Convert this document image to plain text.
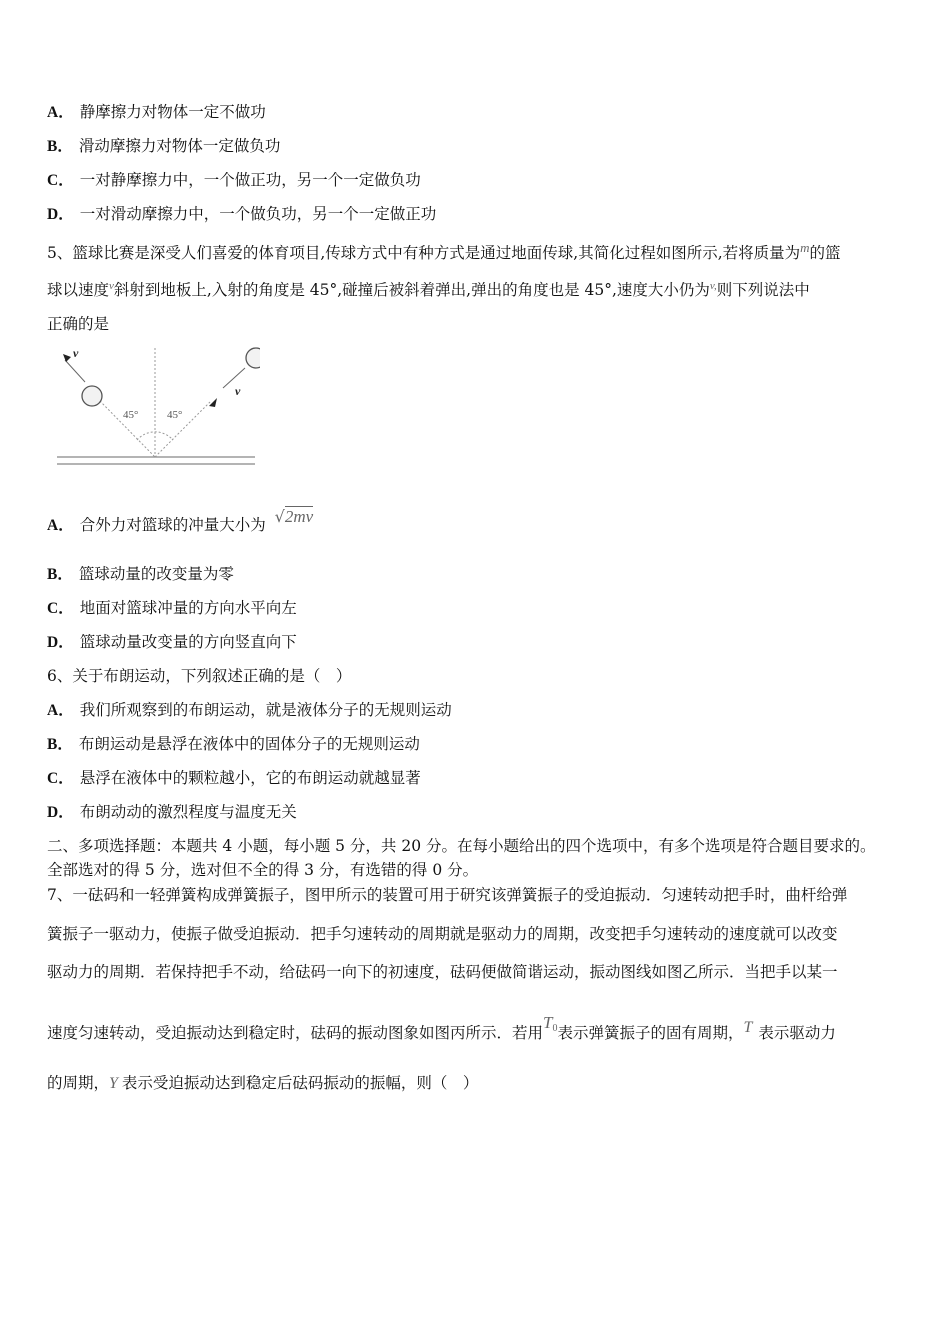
A． 静摩擦力对物体一定不做功
B． 滑动摩擦力对物体一定做负功
C． 一对静摩擦力中，一个做正功，另一个一定做负功
D． 一对滑动摩擦力中，一个做负功，另一个一定做正功
5、篮球比赛是深受人们喜爱的体育项目,传球方式中有种方式是通过地面传球,其简化过程如图所示,若将质量为$^m$的篮
球以速度$^v$斜射到地板上,入射的角度是 45°,碰撞后被斜着弹出,弹出的角度也是 45°,速度大小仍为$^{v,}$则下列说法中
正确的是
v
v
45°	45°
A． 合外力对篮球的冲量大小为 √2mv
B． 篮球动量的改变量为零
C． 地面对篮球冲量的方向水平向左
D． 篮球动量改变量的方向竖直向下
6、关于布朗运动，下列叙述正确的是（　）
A． 我们所观察到的布朗运动，就是液体分子的无规则运动
B． 布朗运动是悬浮在液体中的固体分子的无规则运动
C． 悬浮在液体中的颗粒越小，它的布朗运动就越显著
D． 布朗动动的激烈程度与温度无关
二、多项选择题：本题共 4 小题，每小题 5 分，共 20 分。在每小题给出的四个选项中，有多个选项是符合题目要求的。
全部选对的得 5 分，选对但不全的得 3 分，有选错的得 0 分。
7、一砝码和一轻弹簧构成弹簧振子，图甲所示的装置可用于研究该弹簧振子的受迫振动．匀速转动把手时，曲杆给弹
簧振子一驱动力，使振子做受迫振动．把手匀速转动的周期就是驱动力的周期，改变把手匀速转动的速度就可以改变
驱动力的周期．若保持把手不动，给砝码一向下的初速度，砝码便做简谐运动，振动图线如图乙所示．当把手以某一
速度匀速转动，受迫振动达到稳定时，砝码的振动图象如图丙所示．若用$T_0$表示弹簧振子的固有周期，T 表示驱动力
的周期，Y 表示受迫振动达到稳定后砝码振动的振幅，则（　）
